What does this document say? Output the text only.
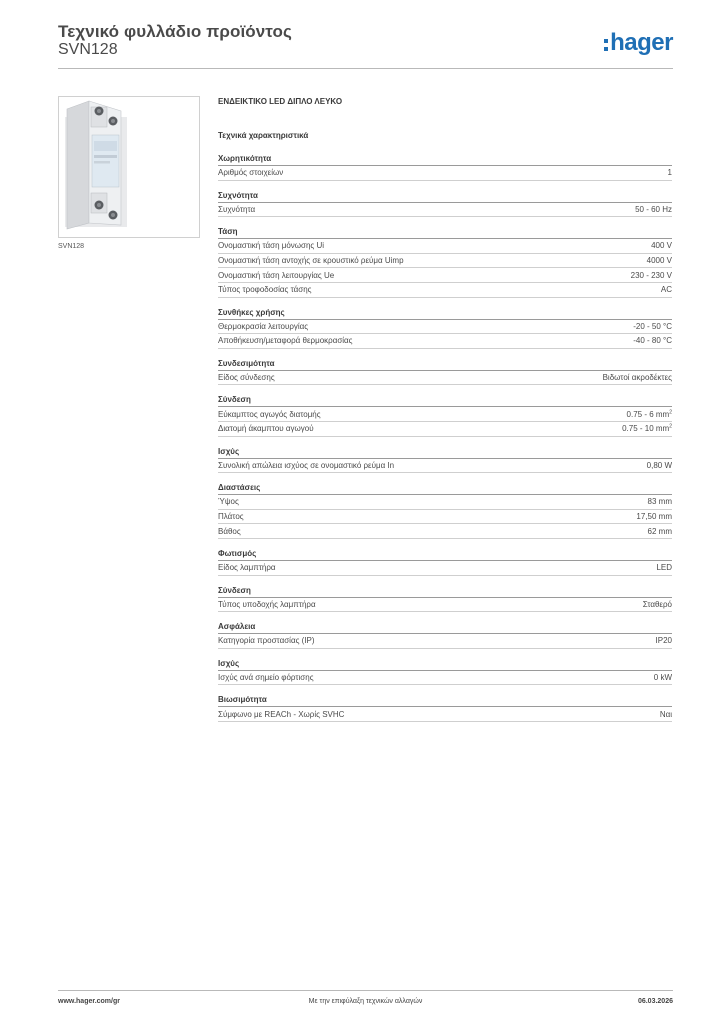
Τεχνικό φυλλάδιο προϊόντος
SVN128	hager
SVN128
ΕΝΔΕΙΚΤΙΚΟ LED ΔΙΠΛΟ ΛΕΥΚΟ
Τεχνικά χαρακτηριστικά
Χωρητικότητα
Αριθμός στοιχείων	1
Συχνότητα
Συχνότητα	50 - 60 Hz
Τάση
Ονομαστική τάση μόνωσης Ui	400 V
Ονομαστική τάση αντοχής σε κρουστικό ρεύμα Uimp	4000 V
Ονομαστική τάση λειτουργίας Ue	230 - 230 V
Τύπος τροφοδοσίας τάσης	AC
Συνθήκες χρήσης
Θερμοκρασία λειτουργίας	-20 - 50 °C
Αποθήκευση/μεταφορά θερμοκρασίας	-40 - 80 °C
Συνδεσιμότητα
Είδος σύνδεσης	Βιδωτοί ακροδέκτες
Σύνδεση
Εύκαμπτος αγωγός διατομής	0.75 - 6 $mm^2$
Διατομή άκαμπτου αγωγού	0.75 - 10 $mm^2$
Ισχύς
Συνολική απώλεια ισχύος σε ονομαστικό ρεύμα In	0,80 W
Διαστάσεις
Ύψος	83 mm
Πλάτος	17,50 mm
Βάθος	62 mm
Φωτισμός
Είδος λαμπτήρα	LED
Σύνδεση
Τύπος υποδοχής λαμπτήρα	Σταθερό
Ασφάλεια
Κατηγορία προστασίας (IP)	IP20
Ισχύς
Ισχύς ανά σημείο φόρτισης	0 kW
Βιωσιμότητα
Σύμφωνο με REACh - Χωρίς SVHC	Ναι
www.hager.com/gr	Με την επιφύλαξη τεχνικών αλλαγών	06.03.2026
